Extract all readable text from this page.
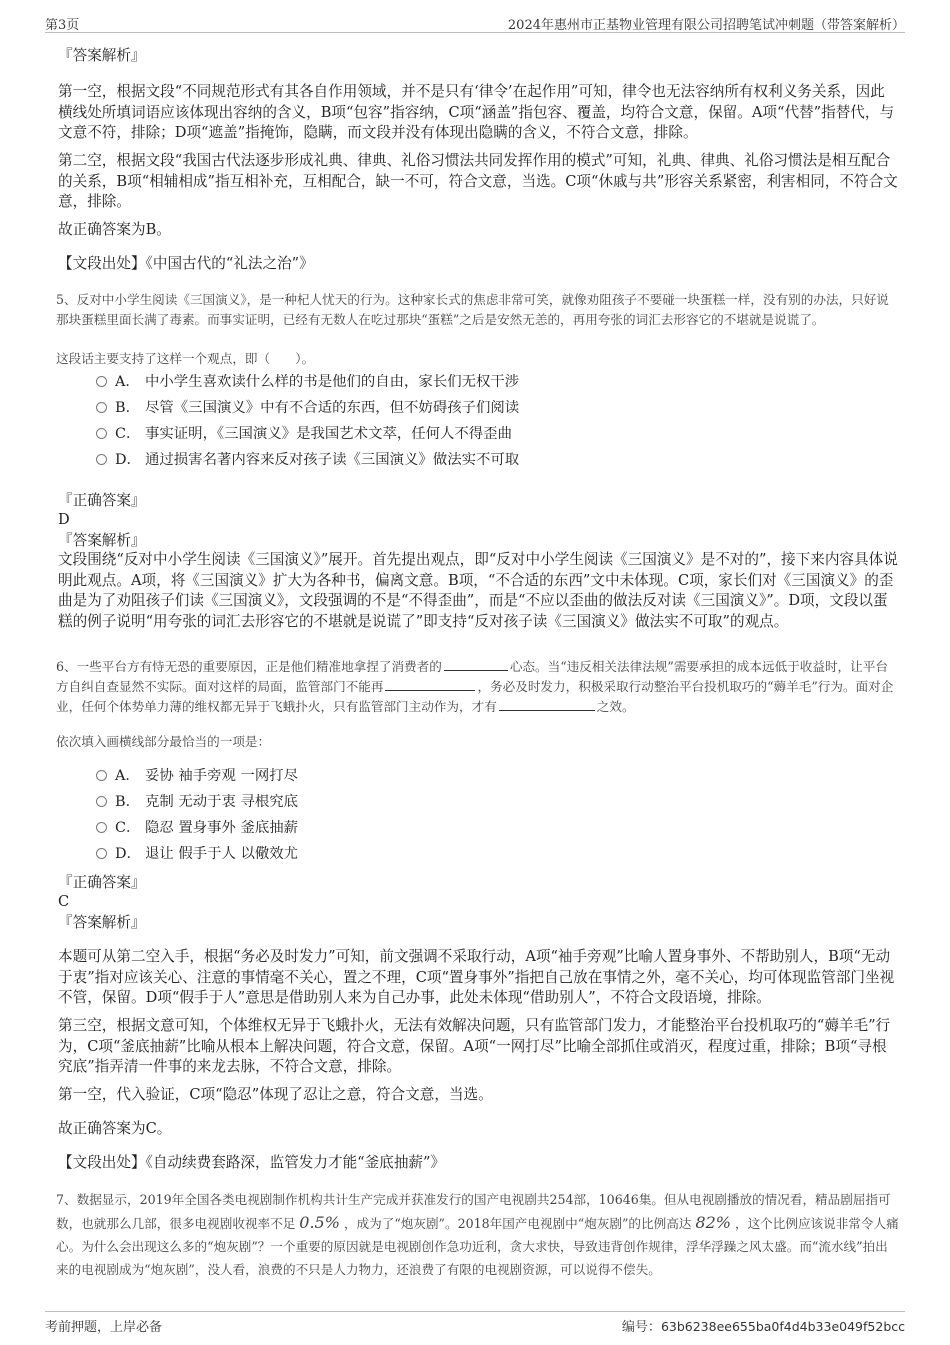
第3页	2024年惠州市正基物业管理有限公司招聘笔试冲刺题（带答案解析）
『答案解析』
第一空，根据文段“不同规范形式有其各自作用领域，并不是只有‘律令’在起作用”可知，律令也无法容纳所有权利义务关系，因此横线处所填词语应该体现出容纳的含义，B项“包容”指容纳，C项“涵盖”指包容、覆盖，均符合文意，保留。A项“代替”指替代，与文意不符，排除；D项“遮盖”指掩饰，隐瞒，而文段并没有体现出隐瞒的含义，不符合文意，排除。
第二空，根据文段“我国古代法逐步形成礼典、律典、礼俗习惯法共同发挥作用的模式”可知，礼典、律典、礼俗习惯法是相互配合的关系，B项“相辅相成”指互相补充，互相配合，缺一不可，符合文意，当选。C项“休戚与共”形容关系紧密，利害相同，不符合文意，排除。
故正确答案为B。
【文段出处】《中国古代的“礼法之治”》
5、反对中小学生阅读《三国演义》，是一种杞人忧天的行为。这种家长式的焦虑非常可笑，就像劝阻孩子不要碰一块蛋糕一样，没有别的办法，只好说那块蛋糕里面长满了毒素。而事实证明，已经有无数人在吃过那块“蛋糕”之后是安然无恙的，再用夸张的词汇去形容它的不堪就是说谎了。
这段话主要支持了这样一个观点，即（　　）。
A． 中小学生喜欢读什么样的书是他们的自由，家长们无权干涉
B． 尽管《三国演义》中有不合适的东西，但不妨碍孩子们阅读
C． 事实证明，《三国演义》是我国艺术文萃，任何人不得歪曲
D． 通过损害名著内容来反对孩子读《三国演义》做法实不可取
『正确答案』
D
『答案解析』
文段围绕“反对中小学生阅读《三国演义》”展开。首先提出观点，即“反对中小学生阅读《三国演义》是不对的”，接下来内容具体说明此观点。A项，将《三国演义》扩大为各种书，偏离文意。B项，“不合适的东西”文中未体现。C项，家长们对《三国演义》的歪曲是为了劝阻孩子们读《三国演义》，文段强调的不是“不得歪曲”，而是“不应以歪曲的做法反对读《三国演义》”。D项，文段以蛋糕的例子说明“用夸张的词汇去形容它的不堪就是说谎了”即支持“反对孩子读《三国演义》做法实不可取”的观点。
6、一些平台方有恃无恐的重要原因，正是他们精准地拿捏了消费者的	心态。当“违反相关法律法规”需要承担的成本远低于收益时，让平台方自纠自查显然不实际。面对这样的局面，监管部门不能再	，务必及时发力，积极采取行动整治平台投机取巧的“薅羊毛”行为。面对企业，任何个体势单力薄的维权都无异于飞蛾扑火，只有监管部门主动作为，才有	之效。
依次填入画横线部分最恰当的一项是：
A． 妥协 袖手旁观 一网打尽
B． 克制 无动于衷 寻根究底
C． 隐忍 置身事外 釜底抽薪
D． 退让 假手于人 以儆效尤
『正确答案』
C
『答案解析』
本题可从第二空入手，根据“务必及时发力”可知，前文强调不采取行动，A项“袖手旁观”比喻人置身事外、不帮助别人，B项“无动于衷”指对应该关心、注意的事情毫不关心，置之不理，C项“置身事外”指把自己放在事情之外，毫不关心，均可体现监管部门坐视不管，保留。D项“假手于人”意思是借助别人来为自己办事，此处未体现“借助别人”，不符合文段语境，排除。
第三空，根据文意可知，个体维权无异于飞蛾扑火，无法有效解决问题，只有监管部门发力，才能整治平台投机取巧的“薅羊毛”行为，C项“釜底抽薪”比喻从根本上解决问题，符合文意，保留。A项“一网打尽”比喻全部抓住或消灭，程度过重，排除；B项“寻根究底”指弄清一件事的来龙去脉，不符合文意，排除。
第一空，代入验证，C项“隐忍”体现了忍让之意，符合文意，当选。
故正确答案为C。
【文段出处】《自动续费套路深，监管发力才能“釜底抽薪”》
7、数据显示，2019年全国各类电视剧制作机构共计生产完成并获准发行的国产电视剧共254部，10646集。但从电视剧播放的情况看，精品剧屈指可数，也就那么几部，很多电视剧收视率不足 0.5% ，成为了“炮灰剧”。2018年国产电视剧中“炮灰剧”的比例高达 82% ，这个比例应该说非常令人痛心。为什么会出现这么多的“炮灰剧”？一个重要的原因就是电视剧创作急功近利，贪大求快，导致违背创作规律，浮华浮躁之风太盛。而“流水线”拍出来的电视剧成为“炮灰剧”，没人看，浪费的不只是人力物力，还浪费了有限的电视剧资源，可以说得不偿失。
考前押题，上岸必备	编号：63b6238ee655ba0f4d4b33e049f52bcc
